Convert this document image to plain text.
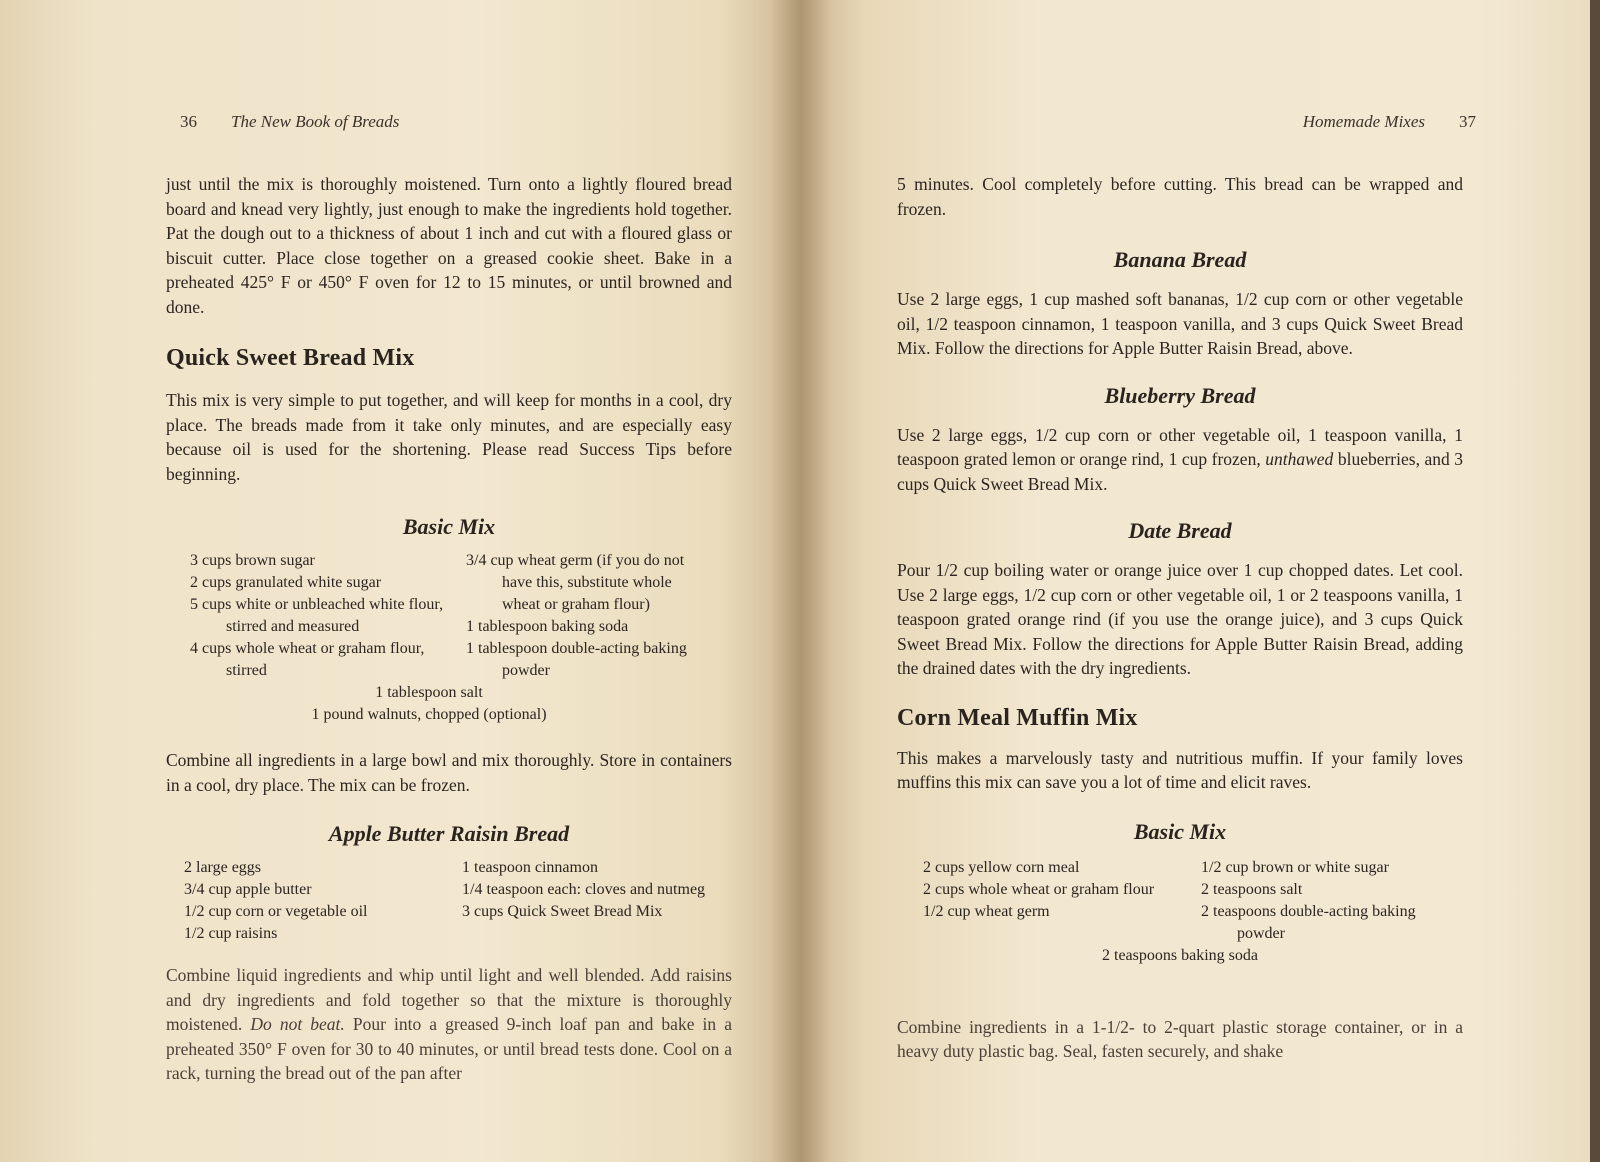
36 The New Book of Breads

just until the mix is thoroughly moistened. Turn onto a lightly floured bread board and knead very lightly, just enough to make the ingredients hold together. Pat the dough out to a thickness of about 1 inch and cut with a floured glass or biscuit cutter. Place close together on a greased cookie sheet. Bake in a preheated 425° F or 450° F oven for 12 to 15 minutes, or until browned and done.

Quick Sweet Bread Mix

This mix is very simple to put together, and will keep for months in a cool, dry place. The breads made from it take only minutes, and are especially easy because oil is used for the shortening. Please read Success Tips before beginning.

Basic Mix
3 cups brown sugar
2 cups granulated white sugar
5 cups white or unbleached white flour, stirred and measured
4 cups whole wheat or graham flour, stirred
3/4 cup wheat germ (if you do not have this, substitute whole wheat or graham flour)
1 tablespoon baking soda
1 tablespoon double-acting baking powder
1 tablespoon salt
1 pound walnuts, chopped (optional)

Combine all ingredients in a large bowl and mix thoroughly. Store in containers in a cool, dry place. The mix can be frozen.

Apple Butter Raisin Bread
2 large eggs
3/4 cup apple butter
1/2 cup corn or vegetable oil
1/2 cup raisins
1 teaspoon cinnamon
1/4 teaspoon each: cloves and nutmeg
3 cups Quick Sweet Bread Mix

Combine liquid ingredients and whip until light and well blended. Add raisins and dry ingredients and fold together so that the mixture is thoroughly moistened. Do not beat. Pour into a greased 9-inch loaf pan and bake in a preheated 350° F oven for 30 to 40 minutes, or until bread tests done. Cool on a rack, turning the bread out of the pan after

Homemade Mixes 37

5 minutes. Cool completely before cutting. This bread can be wrapped and frozen.

Banana Bread

Use 2 large eggs, 1 cup mashed soft bananas, 1/2 cup corn or other vegetable oil, 1/2 teaspoon cinnamon, 1 teaspoon vanilla, and 3 cups Quick Sweet Bread Mix. Follow the directions for Apple Butter Raisin Bread, above.

Blueberry Bread

Use 2 large eggs, 1/2 cup corn or other vegetable oil, 1 teaspoon vanilla, 1 teaspoon grated lemon or orange rind, 1 cup frozen, unthawed blueberries, and 3 cups Quick Sweet Bread Mix.

Date Bread

Pour 1/2 cup boiling water or orange juice over 1 cup chopped dates. Let cool. Use 2 large eggs, 1/2 cup corn or other vegetable oil, 1 or 2 teaspoons vanilla, 1 teaspoon grated orange rind (if you use the orange juice), and 3 cups Quick Sweet Bread Mix. Follow the directions for Apple Butter Raisin Bread, adding the drained dates with the dry ingredients.

Corn Meal Muffin Mix

This makes a marvelously tasty and nutritious muffin. If your family loves muffins this mix can save you a lot of time and elicit raves.

Basic Mix
2 cups yellow corn meal
2 cups whole wheat or graham flour
1/2 cup wheat germ
1/2 cup brown or white sugar
2 teaspoons salt
2 teaspoons double-acting baking powder
2 teaspoons baking soda

Combine ingredients in a 1-1/2- to 2-quart plastic storage container, or in a heavy duty plastic bag. Seal, fasten securely, and shake
